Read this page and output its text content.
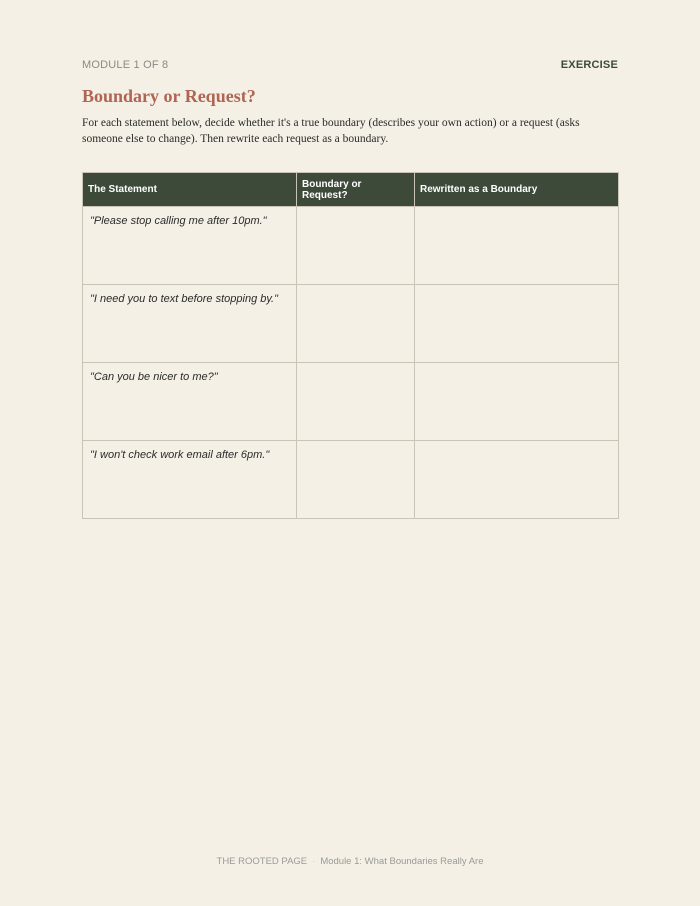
MODULE 1 OF 8	EXERCISE
Boundary or Request?

For each statement below, decide whether it's a true boundary (describes your own action) or a request (asks someone else to change). Then rewrite each request as a boundary.

The Statement	Boundary or Request?	Rewritten as a Boundary
"Please stop calling me after 10pm."		
"I need you to text before stopping by."		
"Can you be nicer to me?"		
"I won't check work email after 6pm."		
THE ROOTED PAGE · Module 1: What Boundaries Really Are
